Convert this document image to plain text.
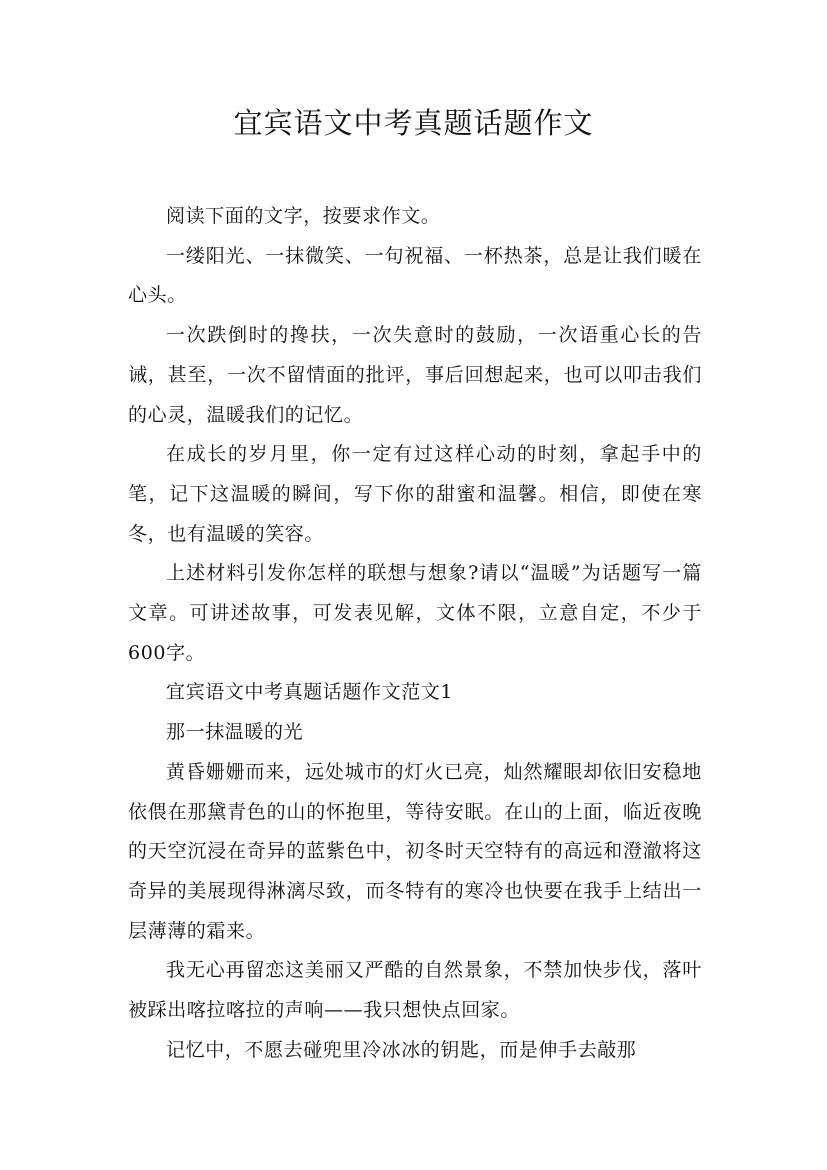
宜宾语文中考真题话题作文

阅读下面的文字，按要求作文。

一缕阳光、一抹微笑、一句祝福、一杯热茶，总是让我们暖在心头。

一次跌倒时的搀扶，一次失意时的鼓励，一次语重心长的告诫，甚至，一次不留情面的批评，事后回想起来，也可以叩击我们的心灵，温暖我们的记忆。

在成长的岁月里，你一定有过这样心动的时刻，拿起手中的笔，记下这温暖的瞬间，写下你的甜蜜和温馨。相信，即使在寒冬，也有温暖的笑容。

上述材料引发你怎样的联想与想象?请以“温暖”为话题写一篇文章。可讲述故事，可发表见解，文体不限，立意自定，不少于600字。

宜宾语文中考真题话题作文范文1

那一抹温暖的光

黄昏姗姗而来，远处城市的灯火已亮，灿然耀眼却依旧安稳地依偎在那黛青色的山的怀抱里，等待安眠。在山的上面，临近夜晚的天空沉浸在奇异的蓝紫色中，初冬时天空特有的高远和澄澈将这奇异的美展现得淋漓尽致，而冬特有的寒冷也快要在我手上结出一层薄薄的霜来。

我无心再留恋这美丽又严酷的自然景象，不禁加快步伐，落叶被踩出喀拉喀拉的声响——我只想快点回家。

记忆中，不愿去碰兜里冷冰冰的钥匙，而是伸手去敲那
